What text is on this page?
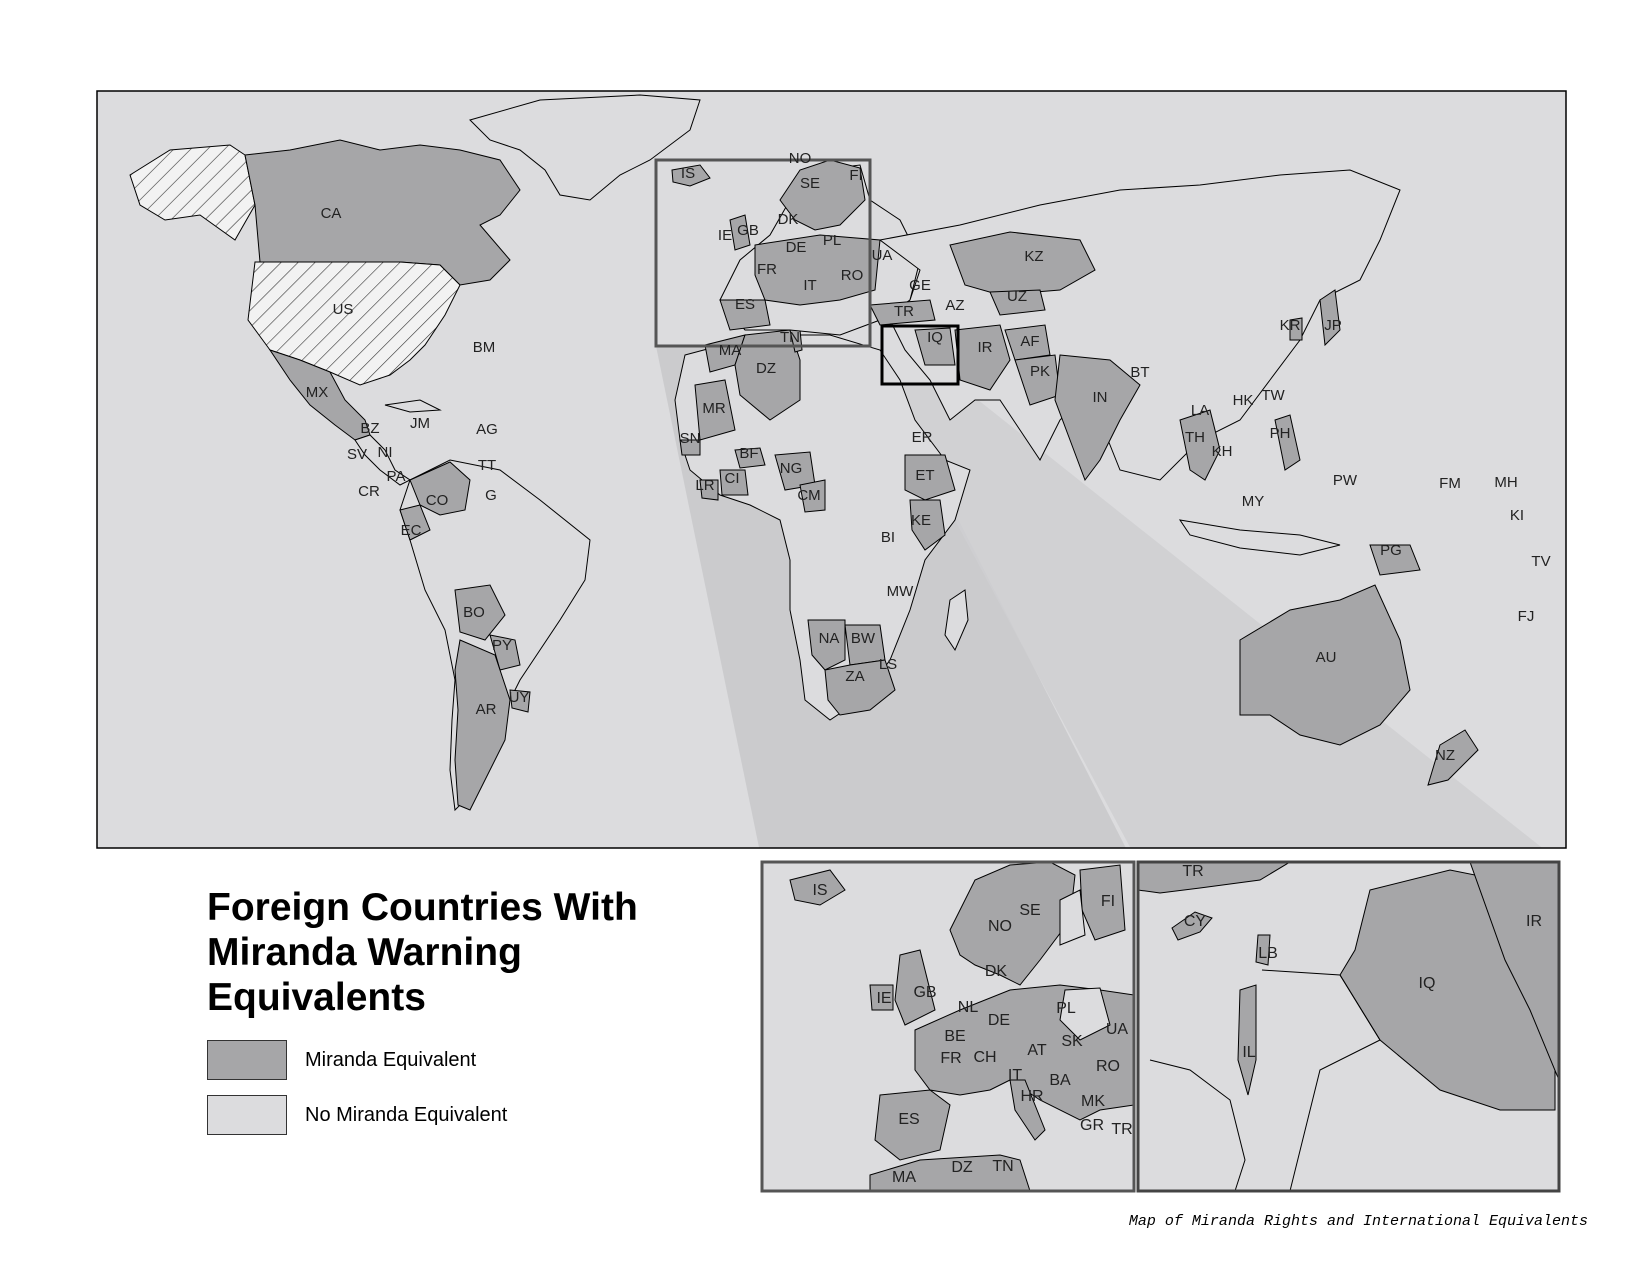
CA
US
BM
MX
BZ JM	AG
SV NI
TT
CR
PA
G
CO
EC
BO
PY
UY
AR
IS
NO
SE FI
GB
IE
DK
PL
DE	UA
FR	RO
IT	GE
ES	AZ
TR
IQ
IR
KZ
UZ
AF
PK
IN
BT
MA
TN
DZ
MR
SN
BF
CI
LR
NG
CM
ER
ET
KE
BI
MW
NA BW
ZA
LS
KR JP
LA
HK TW
TH
KH
PH
PW	FM MH
KI
MY
PG
TV
FJ
AU
NZ
IS
NO
SE
FI
DK
IE GB
NL	PL
DE
UA
BE	SK
AT
FR CH
RO
IT BA
HR MK
ES	GR TR
MA
DZ TN
TR
CY
LB
IL
IQ
IR
Foreign Countries With
Miranda Warning
Equivalents
Miranda Equivalent
No Miranda Equivalent
Map of Miranda Rights and International Equivalents
